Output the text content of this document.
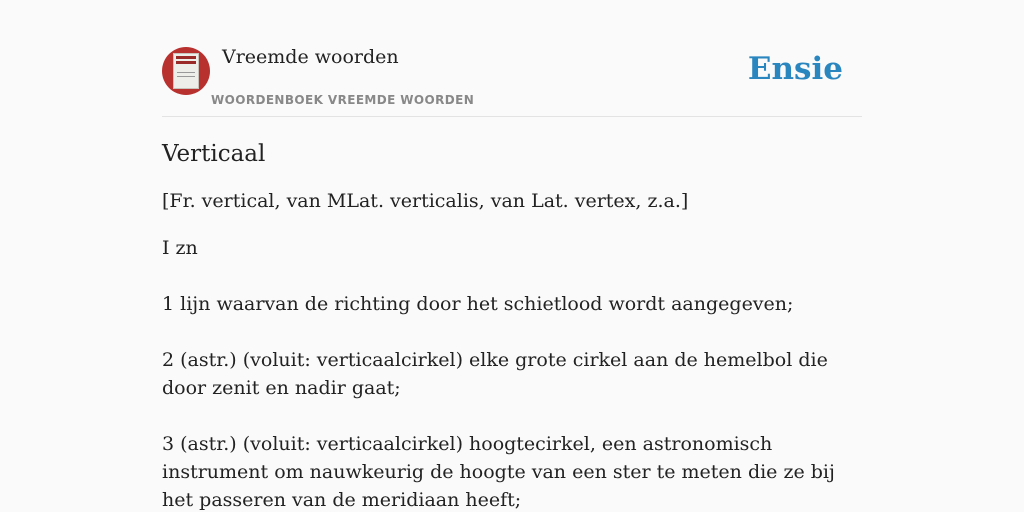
Vreemde woorden
WOORDENBOEK VREEMDE WOORDEN
Ensie
Verticaal
[Fr. vertical, van MLat. verticalis, van Lat. vertex, z.a.]
I zn
1 lijn waarvan de richting door het schietlood wordt aangegeven;
2 (astr.) (voluit: verticaalcirkel) elke grote cirkel aan de hemelbol die door zenit en nadir gaat;
3 (astr.) (voluit: verticaalcirkel) hoogtecirkel, een astronomisch instrument om nauwkeurig de hoogte van een ster te meten die ze bij het passeren van de meridiaan heeft;
